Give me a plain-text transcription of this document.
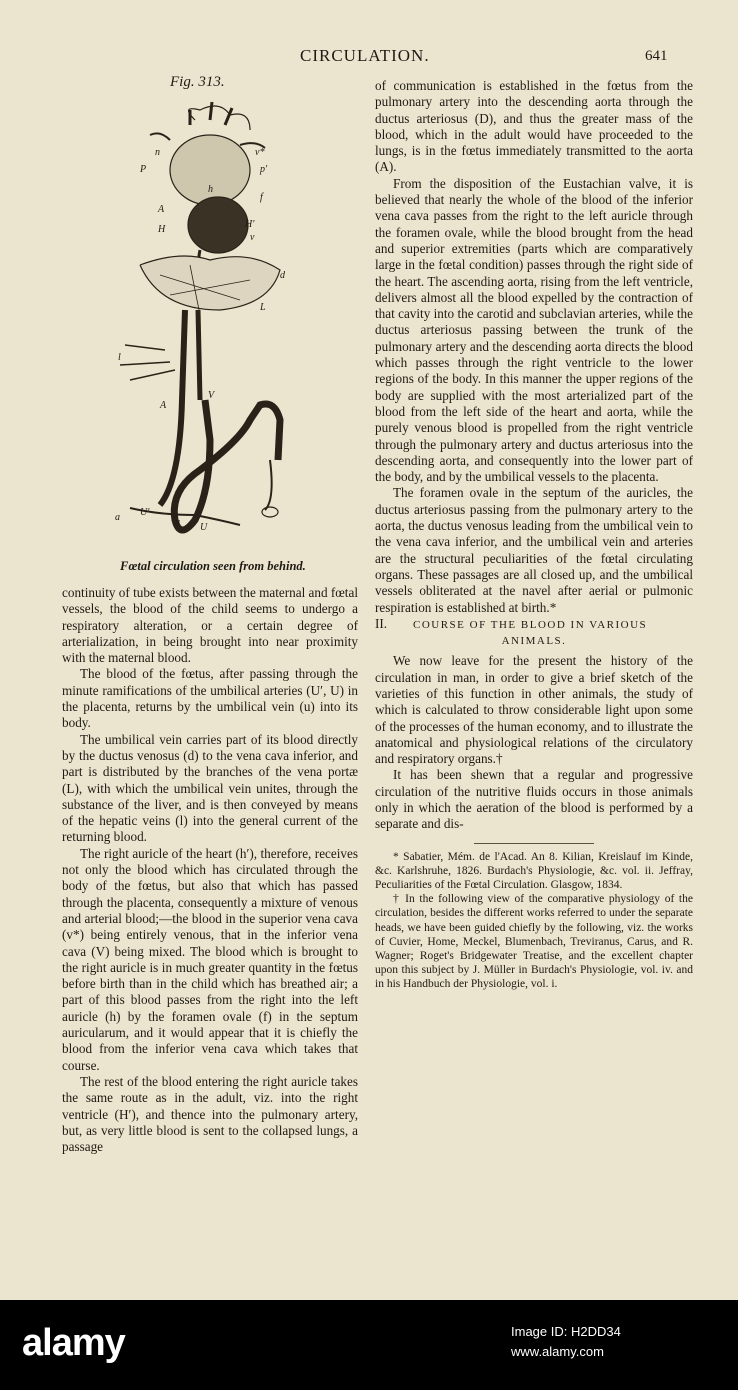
CIRCULATION.	641
Fig. 313.
n
P
A
H
v*
p'
f
h
H'
v
d
L
l
A
V
a	u U
U'
Fœtal circulation seen from behind.

continuity of tube exists between the maternal and fœtal vessels, the blood of the child seems to undergo a respiratory alteration, or a certain degree of arterialization, in being brought into near proximity with the maternal blood.

The blood of the fœtus, after passing through the minute ramifications of the umbilical arteries (U′, U) in the placenta, returns by the umbilical vein (u) into its body.

The umbilical vein carries part of its blood directly by the ductus venosus (d) to the vena cava inferior, and part is distributed by the branches of the vena portæ (L), with which the umbilical vein unites, through the substance of the liver, and is then conveyed by means of the hepatic veins (l) into the general current of the returning blood.

The right auricle of the heart (h′), therefore, receives not only the blood which has circulated through the body of the fœtus, but also that which has passed through the placenta, consequently a mixture of venous and arterial blood;—the blood in the superior vena cava (v*) being entirely venous, that in the inferior vena cava (V) being mixed. The blood which is brought to the right auricle is in much greater quantity in the fœtus before birth than in the child which has breathed air; a part of this blood passes from the right into the left auricle (h) by the foramen ovale (f) in the septum auricularum, and it would appear that it is chiefly the blood from the inferior vena cava which takes that course.

The rest of the blood entering the right auricle takes the same route as in the adult, viz. into the right ventricle (H′), and thence into the pulmonary artery, but, as very little blood is sent to the collapsed lungs, a passage

of communication is established in the fœtus from the pulmonary artery into the descending aorta through the ductus arteriosus (D), and thus the greater mass of the blood, which in the adult would have proceeded to the lungs, is in the fœtus immediately transmitted to the aorta (A).

From the disposition of the Eustachian valve, it is believed that nearly the whole of the blood of the inferior vena cava passes from the right to the left auricle through the foramen ovale, while the blood brought from the head and superior extremities (parts which are comparatively large in the fœtal condition) passes through the right side of the heart. The ascending aorta, rising from the left ventricle, delivers almost all the blood expelled by the contraction of that cavity into the carotid and subclavian arteries, while the ductus arteriosus passing between the trunk of the pulmonary artery and the descending aorta directs the blood which passes through the right ventricle to the lower regions of the body. In this manner the upper regions of the body are supplied with the most arterialized part of the blood from the left side of the heart and aorta, while the purely venous blood is propelled from the right ventricle through the pulmonary artery and ductus arteriosus into the descending aorta, and consequently into the lower part of the body, and by the umbilical vessels to the placenta.

The foramen ovale in the septum of the auricles, the ductus arteriosus passing from the pulmonary artery to the aorta, the ductus venosus leading from the umbilical vein to the vena cava inferior, and the umbilical vein and arteries are the structural peculiarities of the fœtal circulating organs. These passages are all closed up, and the umbilical vessels obliterated at the navel after aerial or pulmonic respiration is established at birth.*

II. COURSE OF THE BLOOD IN VARIOUS

ANIMALS.

We now leave for the present the history of the circulation in man, in order to give a brief sketch of the varieties of this function in other animals, the study of which is calculated to throw considerable light upon some of the processes of the human economy, and to illustrate the anatomical and physiological relations of the circulatory and respiratory organs.†

It has been shewn that a regular and progressive circulation of the nutritive fluids occurs in those animals only in which the aeration of the blood is performed by a separate and dis-

* Sabatier, Mém. de l'Acad. An 8. Kilian, Kreislauf im Kinde, &c. Karlshruhe, 1826. Burdach's Physiologie, &c. vol. ii. Jeffray, Peculiarities of the Fœtal Circulation. Glasgow, 1834.

† In the following view of the comparative physiology of the circulation, besides the different works referred to under the separate heads, we have been guided chiefly by the following, viz. the works of Cuvier, Home, Meckel, Blumenbach, Treviranus, Carus, and R. Wagner; Roget's Bridgewater Treatise, and the excellent chapter upon this subject by J. Müller in Burdach's Physiologie, vol. iv. and in his Handbuch der Physiologie, vol. i.

alamy	Image ID: H2DD34
www.alamy.com
